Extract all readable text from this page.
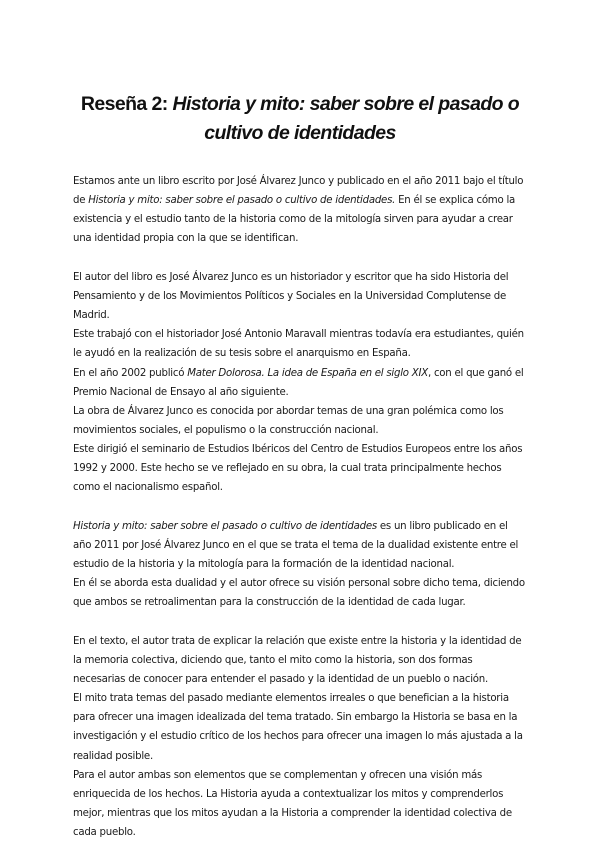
Reseña 2: Historia y mito: saber sobre el pasado o
cultivo de identidades
Estamos ante un libro escrito por José Álvarez Junco y publicado en el año 2011 bajo el título
de Historia y mito: saber sobre el pasado o cultivo de identidades. En él se explica cómo la
existencia y el estudio tanto de la historia como de la mitología sirven para ayudar a crear
una identidad propia con la que se identifican.
El autor del libro es José Álvarez Junco es un historiador y escritor que ha sido Historia del
Pensamiento y de los Movimientos Políticos y Sociales en la Universidad Complutense de
Madrid.
Este trabajó con el historiador José Antonio Maravall mientras todavía era estudiantes, quién
le ayudó en la realización de su tesis sobre el anarquismo en España.
En el año 2002 publicó Mater Dolorosa. La idea de España en el siglo XIX, con el que ganó el
Premio Nacional de Ensayo al año siguiente.
La obra de Álvarez Junco es conocida por abordar temas de una gran polémica como los
movimientos sociales, el populismo o la construcción nacional.
Este dirigió el seminario de Estudios Ibéricos del Centro de Estudios Europeos entre los años
1992 y 2000. Este hecho se ve reflejado en su obra, la cual trata principalmente hechos
como el nacionalismo español.
Historia y mito: saber sobre el pasado o cultivo de identidades es un libro publicado en el
año 2011 por José Álvarez Junco en el que se trata el tema de la dualidad existente entre el
estudio de la historia y la mitología para la formación de la identidad nacional.
En él se aborda esta dualidad y el autor ofrece su visión personal sobre dicho tema, diciendo
que ambos se retroalimentan para la construcción de la identidad de cada lugar.
En el texto, el autor trata de explicar la relación que existe entre la historia y la identidad de
la memoria colectiva, diciendo que, tanto el mito como la historia, son dos formas
necesarias de conocer para entender el pasado y la identidad de un pueblo o nación.
El mito trata temas del pasado mediante elementos irreales o que benefician a la historia
para ofrecer una imagen idealizada del tema tratado. Sin embargo la Historia se basa en la
investigación y el estudio crítico de los hechos para ofrecer una imagen lo más ajustada a la
realidad posible.
Para el autor ambas son elementos que se complementan y ofrecen una visión más
enriquecida de los hechos. La Historia ayuda a contextualizar los mitos y comprenderlos
mejor, mientras que los mitos ayudan a la Historia a comprender la identidad colectiva de
cada pueblo.
